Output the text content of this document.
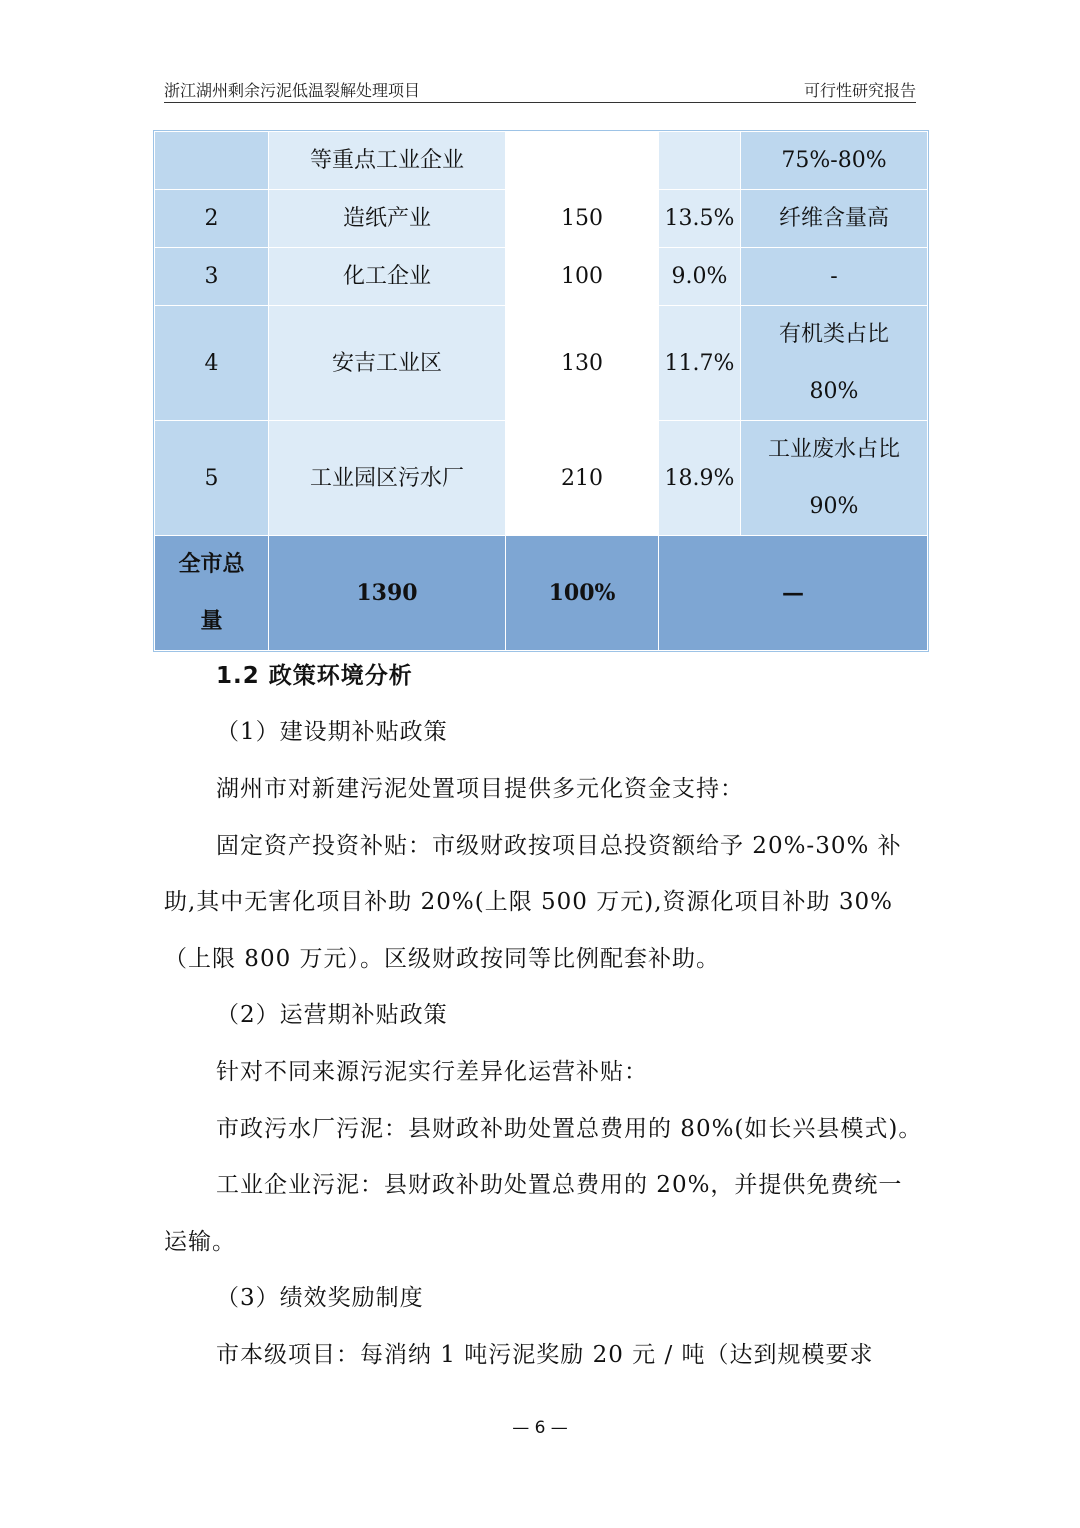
浙江湖州剩余污泥低温裂解处理项目	可行性研究报告
	等重点工业企业			75%-80%

2	造纸产业	150	13.5%	纤维含量高

3	化工企业	100	9.0%	-

4	安吉工业区	130	11.7%	有机类占比
80%

5	工业园区污水厂	210	18.9%	工业废水占比
90%

全市总
量	1390	100%	—	
1.2 政策环境分析
（1）建设期补贴政策
湖州市对新建污泥处置项目提供多元化资金支持：
固定资产投资补贴：市级财政按项目总投资额给予 20%-30% 补
助,其中无害化项目补助 20%(上限 500 万元),资源化项目补助 30%
（上限 800 万元）。区级财政按同等比例配套补助。
（2）运营期补贴政策
针对不同来源污泥实行差异化运营补贴：
市政污水厂污泥：县财政补助处置总费用的 80%(如长兴县模式)。
工业企业污泥：县财政补助处置总费用的 20%，并提供免费统一
运输。
（3）绩效奖励制度
市本级项目：每消纳 1 吨污泥奖励 20 元 / 吨（达到规模要求
— 6 —
